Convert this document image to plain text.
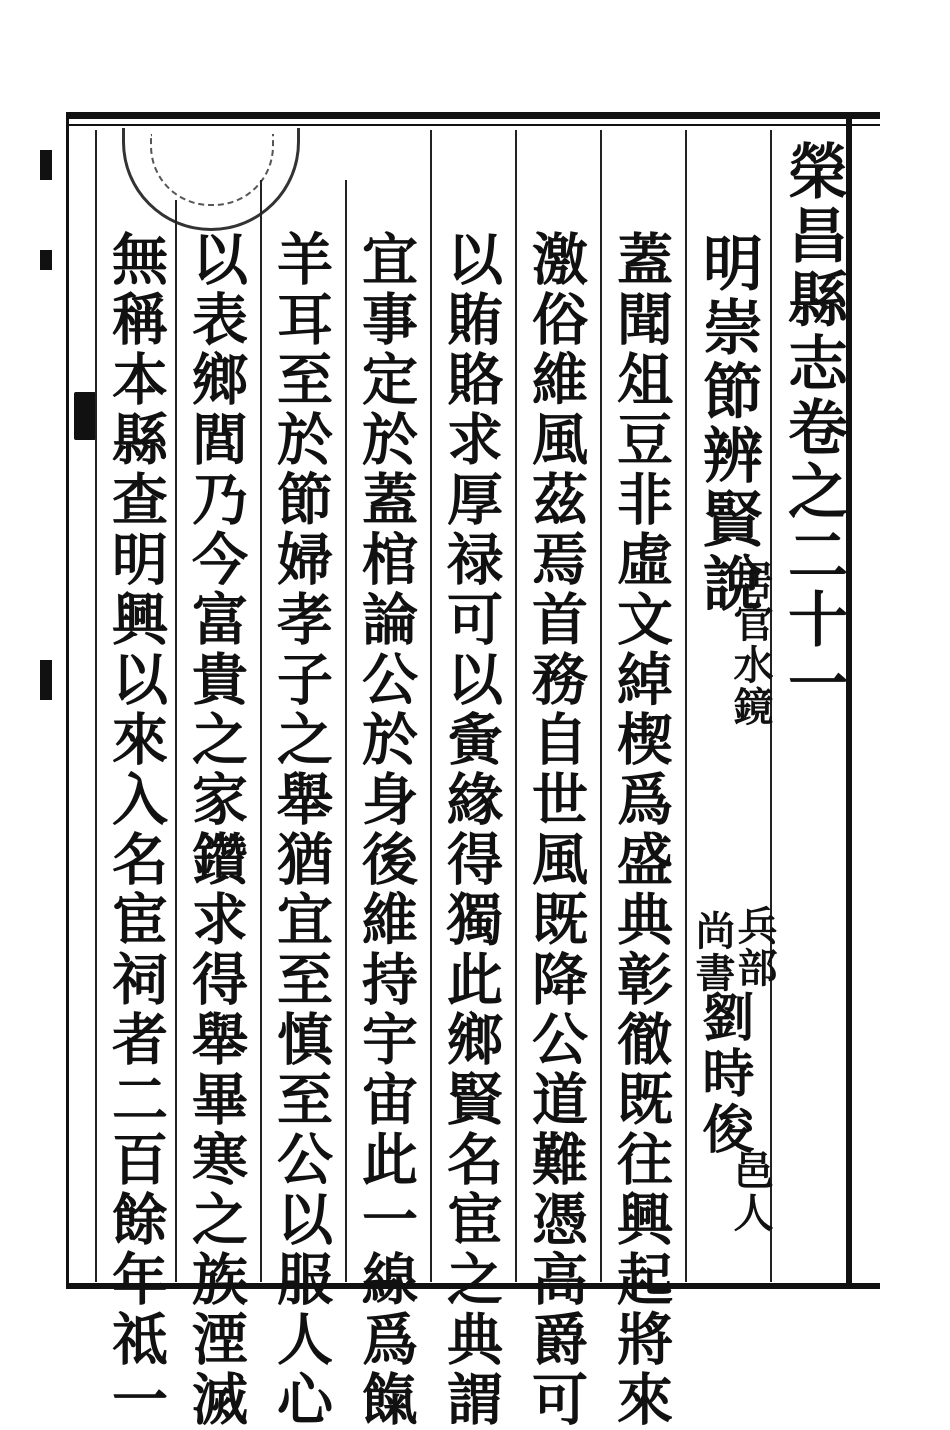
榮昌縣志卷之二十一
明崇節辨賢說
居官水鏡
兵部
尚書
劉時俊
邑人
蓋聞俎豆非虛文綽楔爲盛典彰徹既往興起將來
激俗維風茲焉首務自世風既降公道難憑高爵可
以賄賂求厚禄可以夤緣得獨此鄉賢名宦之典謂
宜事定於蓋棺論公於身後維持宇宙此一線爲餼
羊耳至於節婦孝子之舉猶宜至慎至公以服人心
以表鄉閭乃今富貴之家鑽求得舉畢寒之族湮滅
無稱本縣查明興以來入名宦祠者二百餘年祗一
